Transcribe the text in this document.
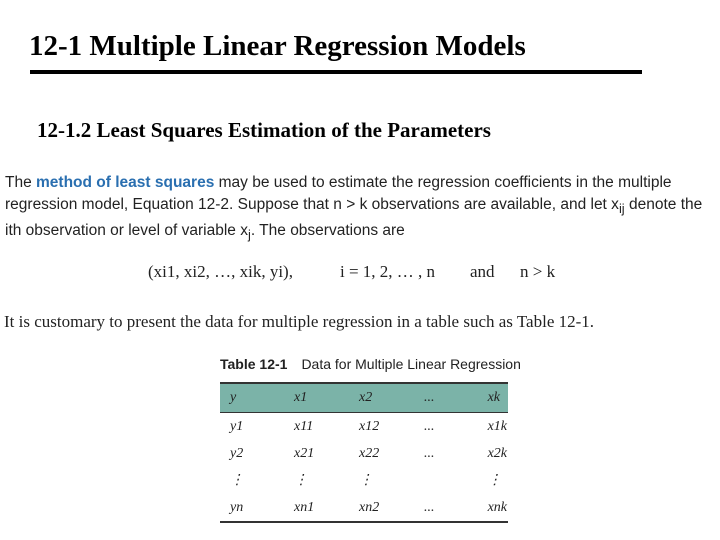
12-1 Multiple Linear Regression Models
12-1.2 Least Squares Estimation of the Parameters
The method of least squares may be used to estimate the regression coefficients in the multiple regression model, Equation 12-2. Suppose that n > k observations are available, and let $x_{ij}$ denote the ith observation or level of variable $x_j$. The observations are
(xi1, xi2, …, xik, yi),	i = 1, 2, … , n and n > k
It is customary to present the data for multiple regression in a table such as Table 12-1.
Table 12-1 Data for Multiple Linear Regression
y	x1	x2	...	xk
y1	x11	x12	...	x1k
y2	x21	x22	...	x2k
⋮	⋮	⋮		⋮
yn	xn1	xn2	...	xnk
